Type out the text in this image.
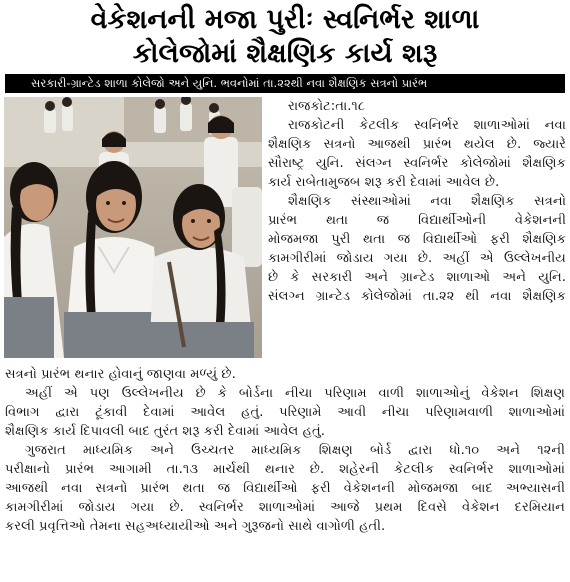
વેકેશનની મજા પુરીઃ સ્વનિર્ભર શાળા
કોલેજોમાં શૈક્ષણિક કાર્ય શરૂ
સરકારી-ગ્રાન્ટેડ શાળા કોલેજો અને યુનિ. ભવનોમાં તા.૨૨થી નવા શૈક્ષણિક સત્રનો પ્રારંભ
રાજકોટ:તા.૧૮
રાજકોટની કેટલીક સ્વનિર્ભર શાળાઓમાં નવા
શૈક્ષણિક સત્રનો આજથી પ્રારંભ થયેલ છે. જ્યારે
સૌરાષ્ટ્ર યુનિ. સંલગ્ન સ્વનિર્ભર કોલેજોમાં શૈક્ષણિક
કાર્ય રાબેતામુજબ શરૂ કરી દેવામાં આવેલ છે.
શૈક્ષણિક સંસ્થાઓમાં નવા શૈક્ષણિક સત્રનો
પ્રારંભ થતા જ વિદ્યાર્થીઓની વેકેશનની
મોજમજા પુરી થતા જ વિદ્યાર્થીઓ ફરી શૈક્ષણિક
કામગીરીમાં જોડાય ગયા છે. અહીં એ ઉલ્લેખનીય
છે કે સરકારી અને ગ્રાન્ટેડ શાળાઓ અને યુનિ.
સંલગ્ન ગ્રાન્ટેડ કોલેજોમાં તા.૨૨ થી નવા શૈક્ષણિક
સત્રનો પ્રારંભ થનાર હોવાનું જાણવા મળ્યું છે.
અહીં એ પણ ઉલ્લેખનીય છે કે બોર્ડના નીચા પરિણામ વાળી શાળાઓનું વેકેશન શિક્ષણ
વિભાગ દ્વારા ટૂંકાવી દેવામાં આવેલ હતું. પરિણામે આવી નીચા પરિણામવાળી શાળાઓમાં
શૈક્ષણિક કાર્ય દિપાવલી બાદ તુરંત શરૂ કરી દેવામાં આવેલ હતું.
ગુજરાત માધ્યમિક અને ઉચ્ચતર માધ્યમિક શિક્ષણ બોર્ડ દ્વારા ધો.૧૦ અને ૧૨ની
પરીક્ષાનો પ્રારંભ આગામી તા.૧૩ માર્ચથી થનાર છે. શહેરની કેટલીક સ્વનિર્ભર શાળાઓમાં
આજથી નવા સત્રનો પ્રારંભ થતા જ વિદ્યાર્થીઓ ફરી વેકેશનની મોજમજા બાદ અભ્યાસની
કામગીરીમાં જોડાય ગયા છે. સ્વનિર્ભર શાળાઓમાં આજે પ્રથમ દિવસે વેકેશન દરમિયાન
કરલી પ્રવૃત્તિઓ તેમના સહઅધ્યાયીઓ અને ગુરૂજનો સાથે વાગોળી હતી.
